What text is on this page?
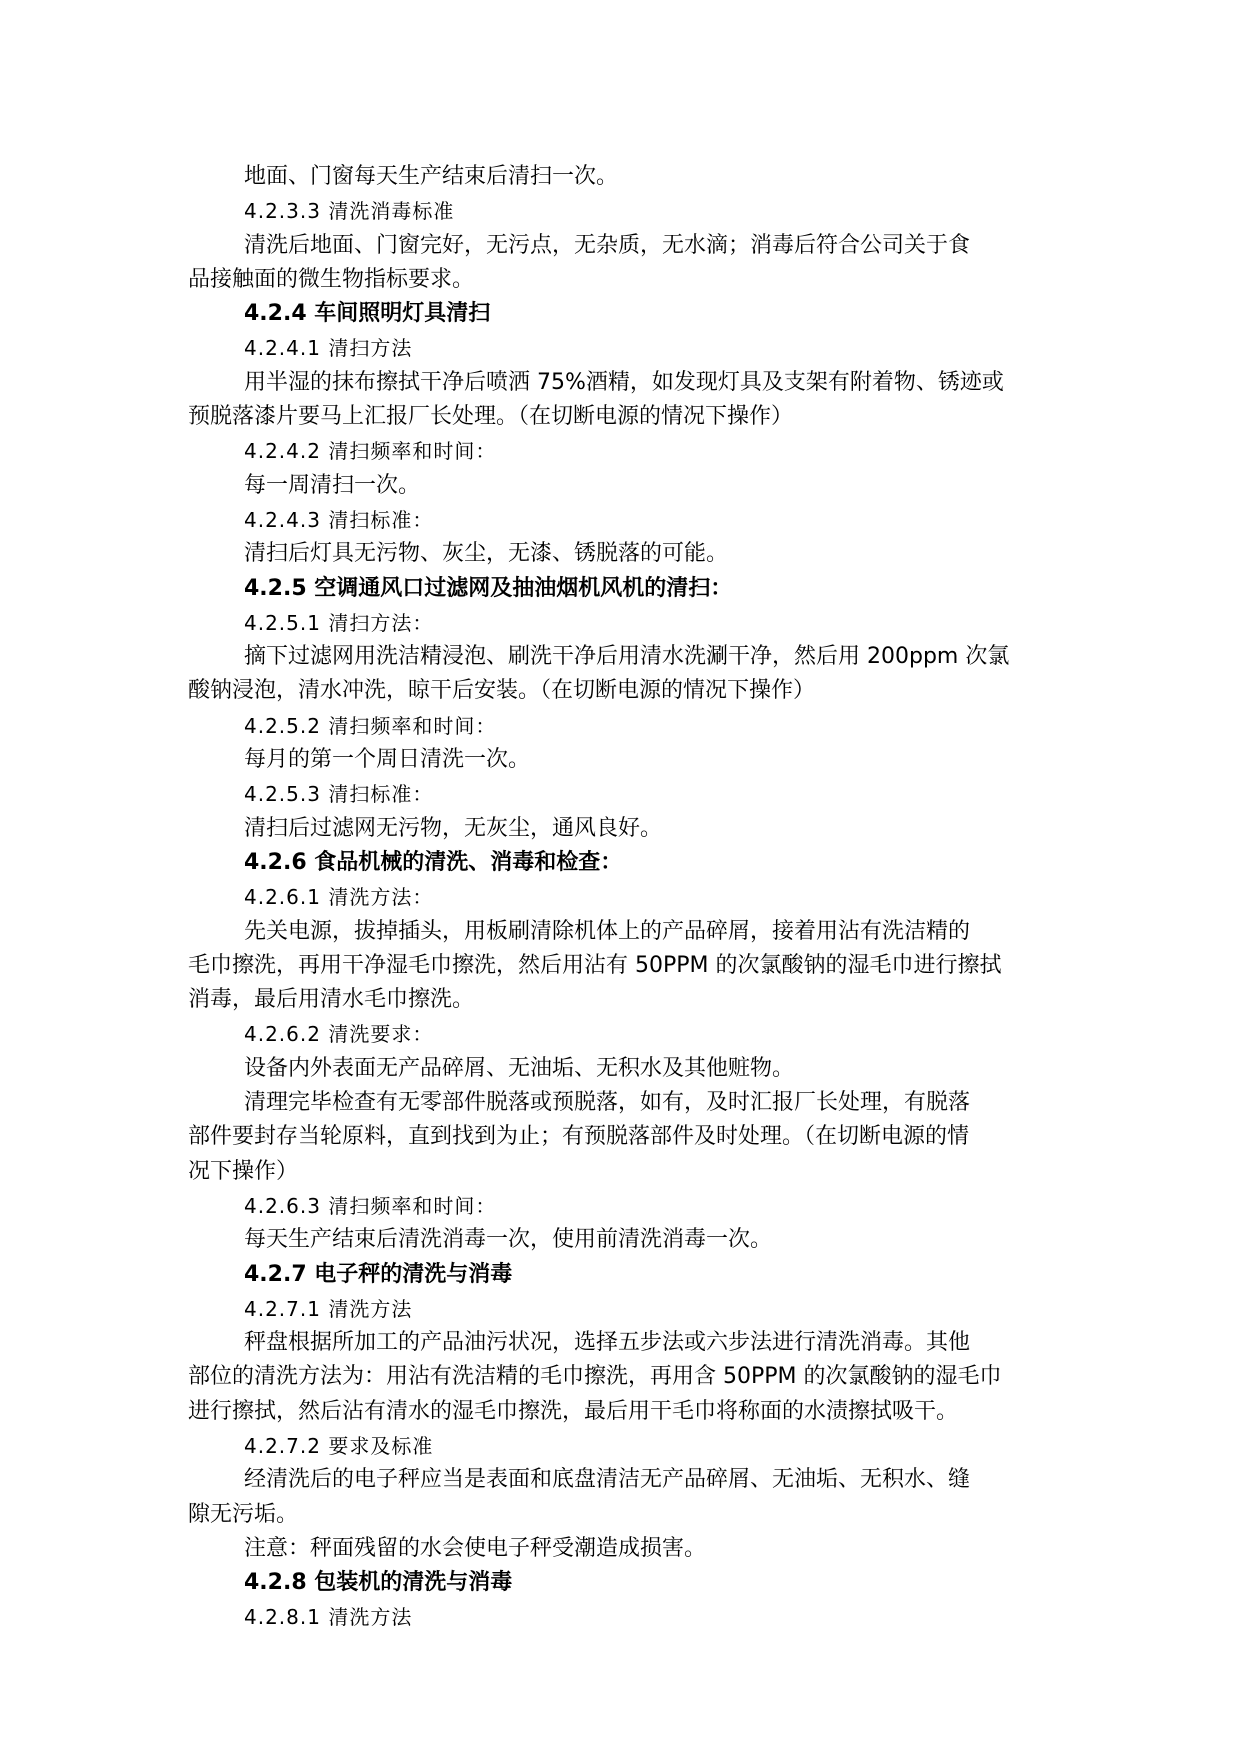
地面、门窗每天生产结束后清扫一次。
4.2.3.3 清洗消毒标准
清洗后地面、门窗完好，无污点，无杂质，无水滴；消毒后符合公司关于食
品接触面的微生物指标要求。
4.2.4 车间照明灯具清扫
4.2.4.1 清扫方法
用半湿的抹布擦拭干净后喷洒 75%酒精，如发现灯具及支架有附着物、锈迹或
预脱落漆片要马上汇报厂长处理。（在切断电源的情况下操作）
4.2.4.2 清扫频率和时间：
每一周清扫一次。
4.2.4.3 清扫标准：
清扫后灯具无污物、灰尘，无漆、锈脱落的可能。
4.2.5 空调通风口过滤网及抽油烟机风机的清扫：
4.2.5.1 清扫方法：
摘下过滤网用洗洁精浸泡、刷洗干净后用清水洗涮干净，然后用 200ppm 次氯
酸钠浸泡，清水冲洗，晾干后安装。（在切断电源的情况下操作）
4.2.5.2 清扫频率和时间：
每月的第一个周日清洗一次。
4.2.5.3 清扫标准：
清扫后过滤网无污物，无灰尘，通风良好。
4.2.6 食品机械的清洗、消毒和检查：
4.2.6.1 清洗方法：
先关电源，拔掉插头，用板刷清除机体上的产品碎屑，接着用沾有洗洁精的
毛巾擦洗，再用干净湿毛巾擦洗，然后用沾有 50PPM 的次氯酸钠的湿毛巾进行擦拭
消毒，最后用清水毛巾擦洗。
4.2.6.2 清洗要求：
设备内外表面无产品碎屑、无油垢、无积水及其他赃物。
清理完毕检查有无零部件脱落或预脱落，如有，及时汇报厂长处理，有脱落
部件要封存当轮原料，直到找到为止；有预脱落部件及时处理。（在切断电源的情
况下操作）
4.2.6.3 清扫频率和时间：
每天生产结束后清洗消毒一次，使用前清洗消毒一次。
4.2.7 电子秤的清洗与消毒
4.2.7.1 清洗方法
秤盘根据所加工的产品油污状况，选择五步法或六步法进行清洗消毒。其他
部位的清洗方法为：用沾有洗洁精的毛巾擦洗，再用含 50PPM 的次氯酸钠的湿毛巾
进行擦拭，然后沾有清水的湿毛巾擦洗，最后用干毛巾将称面的水渍擦拭吸干。
4.2.7.2 要求及标准
经清洗后的电子秤应当是表面和底盘清洁无产品碎屑、无油垢、无积水、缝
隙无污垢。
注意：秤面残留的水会使电子秤受潮造成损害。
4.2.8 包装机的清洗与消毒
4.2.8.1 清洗方法
